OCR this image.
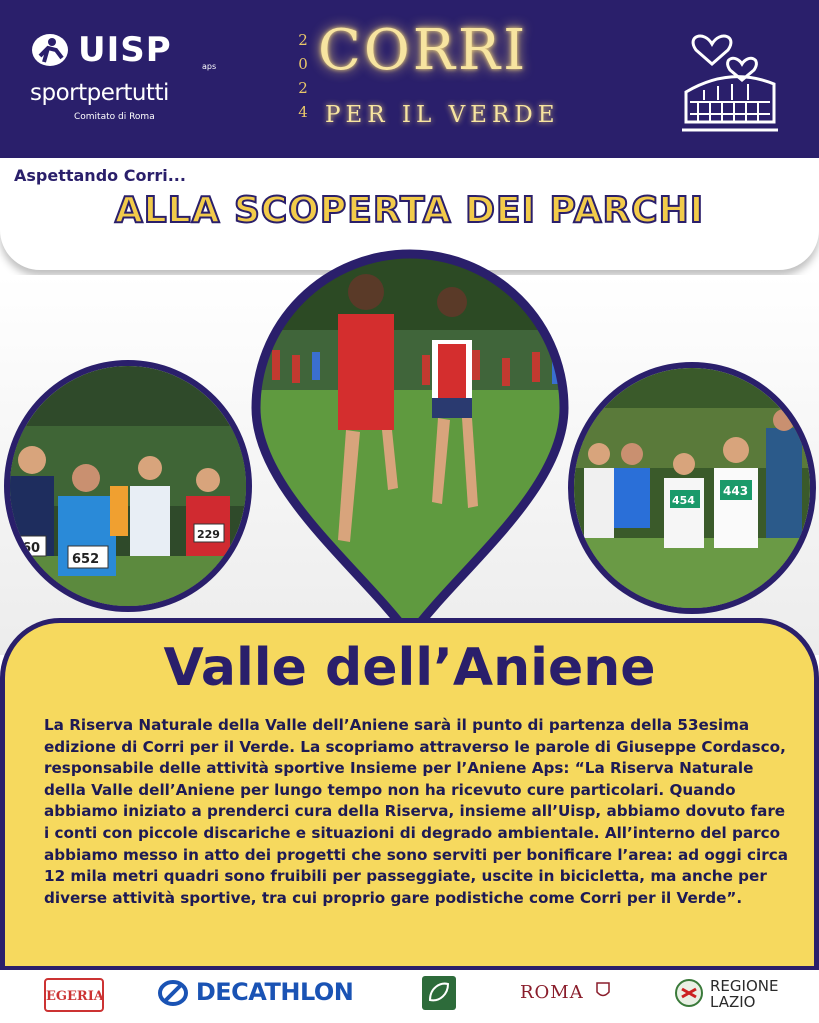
UISP	aps
sportpertutti
Comitato di Roma
2
0
2
4
CORRI
PER IL VERDE
Aspettando Corri...
ALLA SCOPERTA DEI PARCHI
60
652
229
443
454
Valle dell’Aniene
La Riserva Naturale della Valle dell’Aniene sarà il punto di partenza della 53esima edizione di Corri per il Verde. La scopriamo attraverso le parole di Giuseppe Cordasco, responsabile delle attività sportive Insieme per l’Aniene Aps: “La Riserva Naturale della Valle dell’Aniene per lungo tempo non ha ricevuto cure particolari. Quando abbiamo iniziato a prenderci cura della Riserva, insieme all’Uisp, abbiamo dovuto fare i conti con piccole discariche e situazioni di degrado ambientale. All’interno del parco abbiamo messo in atto dei progetti che sono serviti per bonificare l’area: ad oggi circa 12 mila metri quadri sono fruibili per passeggiate, uscite in bicicletta, ma anche per diverse attività sportive, tra cui proprio gare podistiche come Corri per il Verde”.
EGERIA	DECATHLON	ROMA	REGIONE
LAZIO
